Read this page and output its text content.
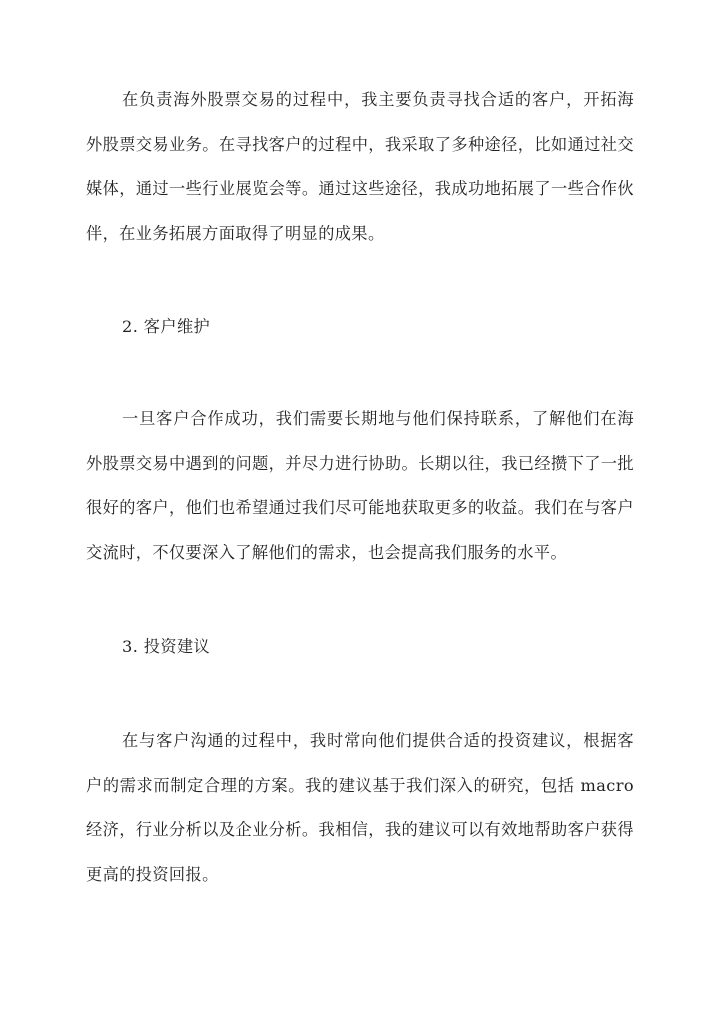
在负责海外股票交易的过程中，我主要负责寻找合适的客户，开拓海外股票交易业务。在寻找客户的过程中，我采取了多种途径，比如通过社交媒体，通过一些行业展览会等。通过这些途径，我成功地拓展了一些合作伙伴，在业务拓展方面取得了明显的成果。

2. 客户维护

一旦客户合作成功，我们需要长期地与他们保持联系，了解他们在海外股票交易中遇到的问题，并尽力进行协助。长期以往，我已经攒下了一批很好的客户，他们也希望通过我们尽可能地获取更多的收益。我们在与客户交流时，不仅要深入了解他们的需求，也会提高我们服务的水平。

3. 投资建议

在与客户沟通的过程中，我时常向他们提供合适的投资建议，根据客户的需求而制定合理的方案。我的建议基于我们深入的研究，包括 macro经济，行业分析以及企业分析。我相信，我的建议可以有效地帮助客户获得更高的投资回报。
